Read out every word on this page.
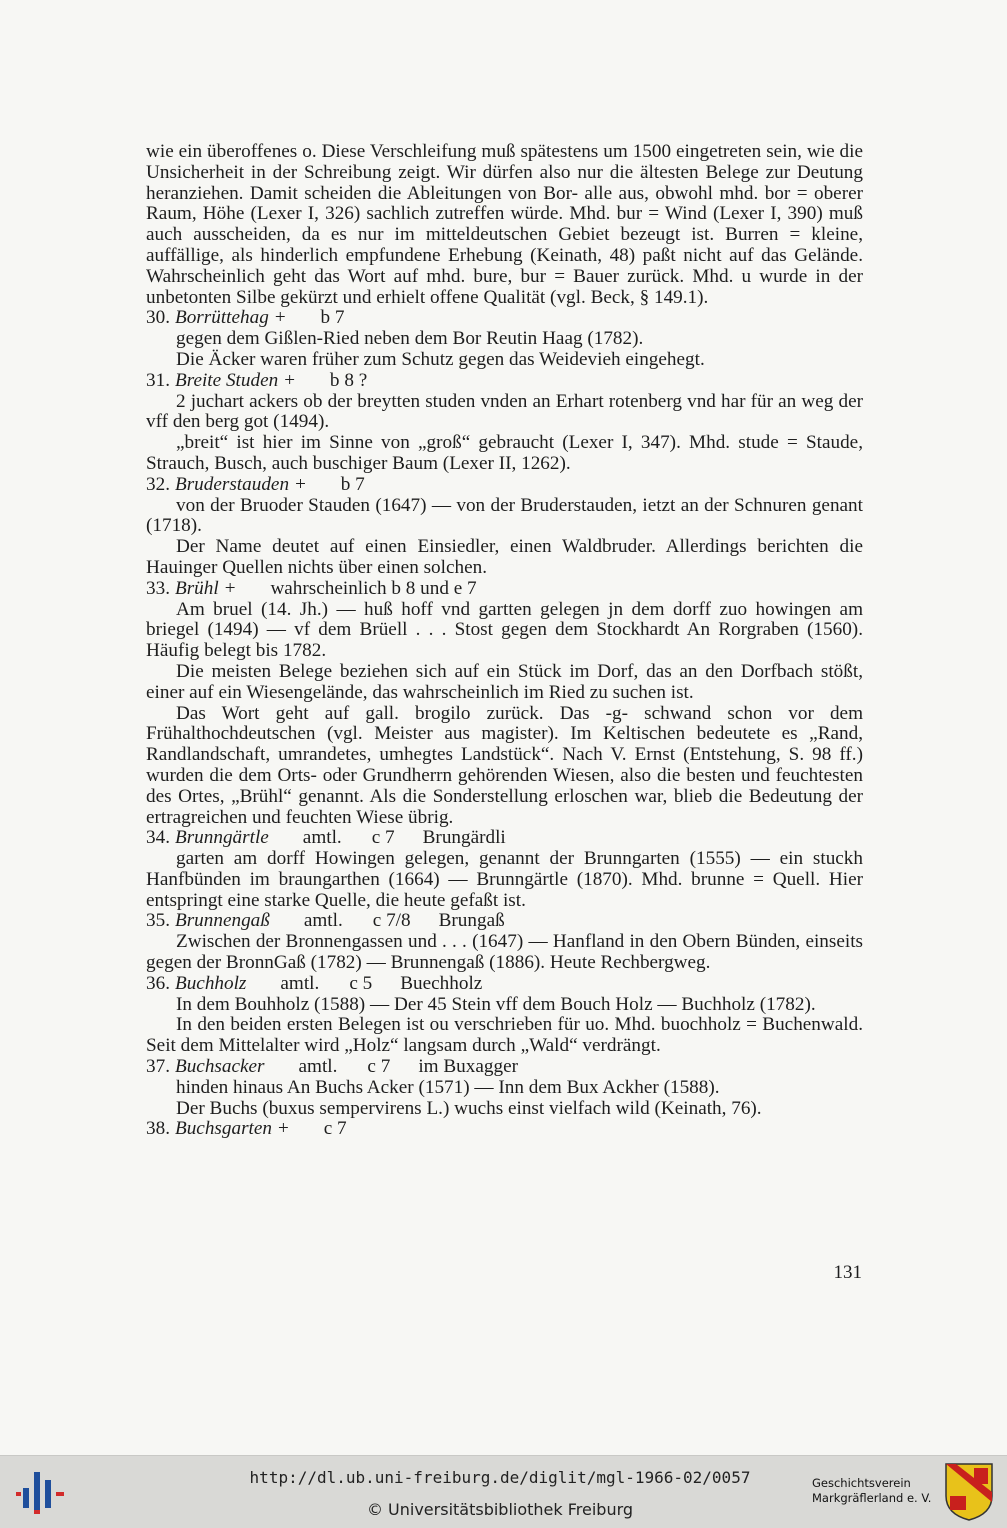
wie ein überoffenes o. Diese Verschleifung muß spätestens um 1500 eingetreten sein, wie die Unsicherheit in der Schreibung zeigt. Wir dürfen also nur die ältesten Belege zur Deutung heranziehen. Damit scheiden die Ableitungen von Bor- alle aus, obwohl mhd. bor = oberer Raum, Höhe (Lexer I, 326) sachlich zutreffen würde. Mhd. bur = Wind (Lexer I, 390) muß auch ausscheiden, da es nur im mitteldeutschen Gebiet bezeugt ist. Burren = kleine, auffällige, als hinderlich empfundene Erhebung (Keinath, 48) paßt nicht auf das Gelände. Wahrscheinlich geht das Wort auf mhd. bure, bur = Bauer zurück. Mhd. u wurde in der unbetonten Silbe gekürzt und erhielt offene Qualität (vgl. Beck, § 149.1).

30. Borrüttehag + b 7

gegen dem Gißlen-Ried neben dem Bor Reutin Haag (1782).

Die Äcker waren früher zum Schutz gegen das Weidevieh eingehegt.

31. Breite Studen + b 8 ?

2 juchart ackers ob der breytten studen vnden an Erhart rotenberg vnd har für an weg der vff den berg got (1494).

„breit“ ist hier im Sinne von „groß“ gebraucht (Lexer I, 347). Mhd. stude = Staude, Strauch, Busch, auch buschiger Baum (Lexer II, 1262).

32. Bruderstauden + b 7

von der Bruoder Stauden (1647) — von der Bruderstauden, ietzt an der Schnuren genant (1718).

Der Name deutet auf einen Einsiedler, einen Waldbruder. Allerdings berichten die Hauinger Quellen nichts über einen solchen.

33. Brühl + wahrscheinlich b 8 und e 7

Am bruel (14. Jh.) — huß hoff vnd gartten gelegen jn dem dorff zuo howingen am briegel (1494) — vf dem Brüell . . . Stost gegen dem Stockhardt An Rorgraben (1560). Häufig belegt bis 1782.

Die meisten Belege beziehen sich auf ein Stück im Dorf, das an den Dorfbach stößt, einer auf ein Wiesengelände, das wahrscheinlich im Ried zu suchen ist.

Das Wort geht auf gall. brogilo zurück. Das -g- schwand schon vor dem Frühalthochdeutschen (vgl. Meister aus magister). Im Keltischen bedeutete es „Rand, Randlandschaft, umrandetes, umhegtes Landstück“. Nach V. Ernst (Entstehung, S. 98 ff.) wurden die dem Orts- oder Grundherrn gehörenden Wiesen, also die besten und feuchtesten des Ortes, „Brühl“ genannt. Als die Sonderstellung erloschen war, blieb die Bedeutung der ertragreichen und feuchten Wiese übrig.

34. Brunngärtle amtl. c 7 Brungärdli

garten am dorff Howingen gelegen, genannt der Brunngarten (1555) — ein stuckh Hanfbünden im braungarthen (1664) — Brunngärtle (1870). Mhd. brunne = Quell. Hier entspringt eine starke Quelle, die heute gefaßt ist.

35. Brunnengaß amtl. c 7/8 Brungaß

Zwischen der Bronnengassen und . . . (1647) — Hanfland in den Obern Bünden, einseits gegen der BronnGaß (1782) — Brunnengaß (1886). Heute Rechbergweg.

36. Buchholz amtl. c 5 Buechholz

In dem Bouhholz (1588) — Der 45 Stein vff dem Bouch Holz — Buchholz (1782).

In den beiden ersten Belegen ist ou verschrieben für uo. Mhd. buochholz = Buchenwald. Seit dem Mittelalter wird „Holz“ langsam durch „Wald“ verdrängt.

37. Buchsacker amtl. c 7 im Buxagger

hinden hinaus An Buchs Acker (1571) — Inn dem Bux Ackher (1588).

Der Buchs (buxus sempervirens L.) wuchs einst vielfach wild (Keinath, 76).

38. Buchsgarten + c 7
131
http://dl.ub.uni-freiburg.de/diglit/mgl-1966-02/0057
© Universitätsbibliothek Freiburg
Geschichtsverein
Markgräflerland e. V.
